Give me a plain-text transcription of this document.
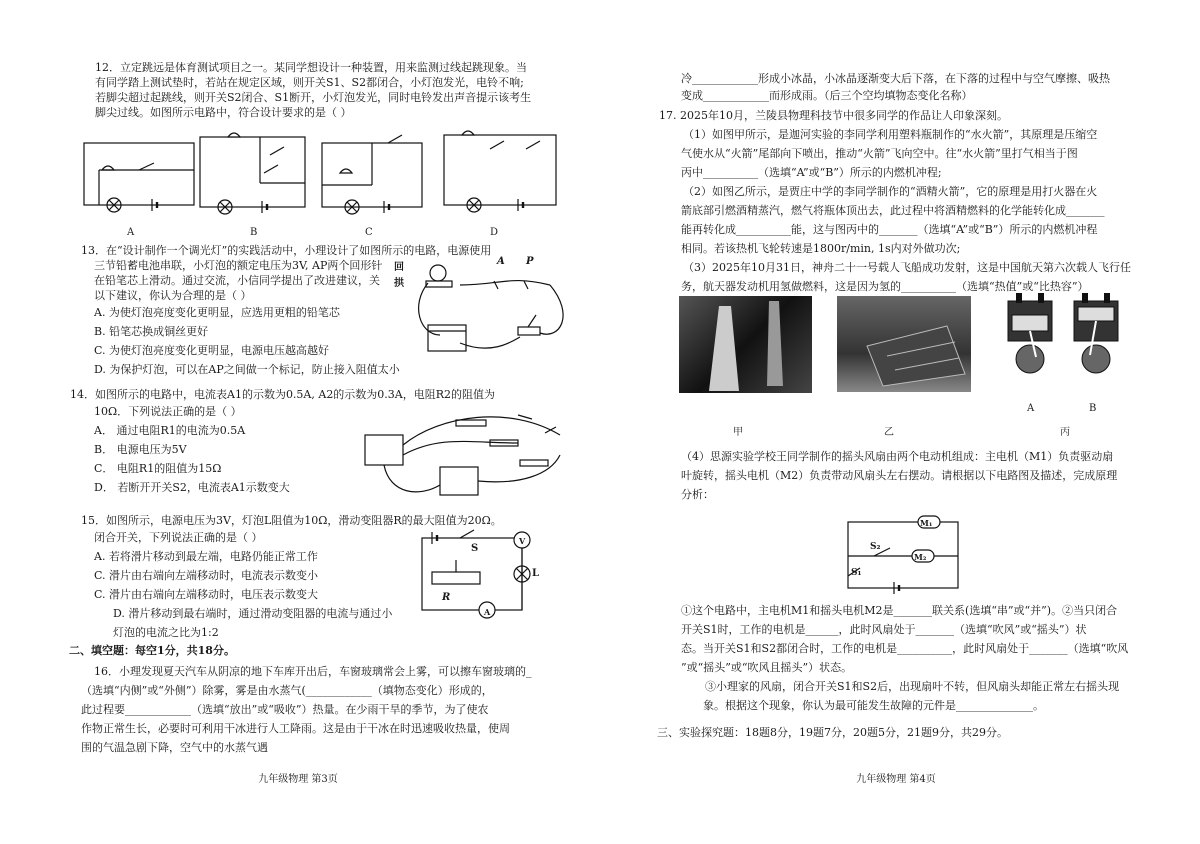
12．立定跳远是体育测试项目之一。某同学想设计一种装置，用来监测过线起跳现象。当
有同学踏上测试垫时，若站在规定区域，则开关S1、S2都闭合，小灯泡发光，电铃不响;
若脚尖超过起跳线，则开关S2闭合、S1断开，小灯泡发光，同时电铃发出声音提示该考生
脚尖过线。如图所示电路中，符合设计要求的是（ ）
A	B	C	D
13．在“设计制作一个调光灯”的实践活动中，小理设计了如图所示的电路，电源使用
三节铅蓄电池串联，小灯泡的额定电压为3V, AP两个回形针
在铅笔芯上滑动。通过交流，小信同学提出了改进建议，关
以下建议，你认为合理的是（ ）
A. 为使灯泡亮度变化更明显，应选用更粗的铅笔芯
B. 铅笔芯换成铜丝更好
C. 为使灯泡亮度变化更明显，电源电压越高越好
D. 为保护灯泡，可以在AP之间做一个标记，防止接入阻值太小
A P
回
拱
14．如图所示的电路中，电流表A1的示数为0.5A, A2的示数为0.3A，电阻R2的阻值为
10Ω．下列说法正确的是（ ）
A． 通过电阻R1的电流为0.5A
B． 电源电压为5V
C． 电阻R1的阻值为15Ω
D． 若断开开关S2，电流表A1示数变大
15．如图所示，电源电压为3V，灯泡L阻值为10Ω，滑动变阻器R的最大阻值为20Ω。
闭合开关，下列说法正确的是（ ）
A. 若将滑片移动到最左端，电路仍能正常工作
C. 滑片由右端向左端移动时，电流表示数变小
C. 滑片由右端向左端移动时，电压表示数变大
D. 滑片移动到最右端时，通过滑动变阻器的电流与通过小
灯泡的电流之比为1:2
S
V
L
R
A
二、填空题：每空1分，共18分。
16．小理发现夏天汽车从阴凉的地下车库开出后，车窗玻璃常会上雾，可以擦车窗玻璃的_
（选填“内侧”或“外侧”）除雾，雾是由水蒸气(____________（填物态变化）形成的，
此过程要____________（选填“放出”或“吸收”）热量。在少雨干旱的季节，为了使农
作物正常生长，必要时可利用干冰进行人工降雨。这是由于干冰在时迅速吸收热量，使周
围的气温急剧下降，空气中的水蒸气遇
九年级物理 第3页
冷____________形成小冰晶，小冰晶逐渐变大后下落，在下落的过程中与空气摩擦、吸热
变成____________而形成雨。（后三个空均填物态变化名称）
17. 2025年10月，兰陵县物理科技节中很多同学的作品让人印象深刻。
（1）如图甲所示，是迦河实验的李同学利用塑料瓶制作的“水火箭”，其原理是压缩空
气使水从“火箭”尾部向下喷出，推动“火箭”飞向空中。往“水火箭”里打气相当于图
丙中__________（选填“A”或“B”）所示的内燃机冲程;
（2）如图乙所示，是贾庄中学的李同学制作的“酒精火箭”，它的原理是用打火器在火
箭底部引燃酒精蒸汽，燃气将瓶体顶出去，此过程中将酒精燃料的化学能转化成_______
能再转化成__________能，这与图丙中的_______（选填“A”或“B”）所示的内燃机冲程
相同。若该热机飞轮转速是1800r/min, 1s内对外做功次;
（3）2025年10月31日，神舟二十一号载人飞船成功发射，这是中国航天第六次载人飞行任
务，航天器发动机用氢做燃料，这是因为氢的__________（选填“热值”或“比热容”）
A	B
甲	乙	丙
（4）思源实验学校王同学制作的摇头风扇由两个电动机组成：主电机（M1）负责驱动扇
叶旋转，摇头电机（M2）负责带动风扇头左右摆动。请根据以下电路图及描述，完成原理
分析：
M₁
M₂
S₂
S₁
①这个电路中，主电机M1和摇头电机M2是_______联关系(选填“串”或“并”)。②当只闭合
开关S1时，工作的电机是______，此时风扇处于_______（选填“吹风”或“摇头”）状
态。当开关S1和S2都闭合时，工作的电机是__________，此时风扇处于_______（选填“吹风
”或“摇头”或“吹风且摇头”）状态。
③小理家的风扇，闭合开关S1和S2后，出现扇叶不转，但风扇头却能正常左右摇头现
象。根据这个现象，你认为最可能发生故障的元件是______________。
三、实验探究题：18题8分，19题7分，20题5分，21题9分，共29分。
九年级物理 第4页
